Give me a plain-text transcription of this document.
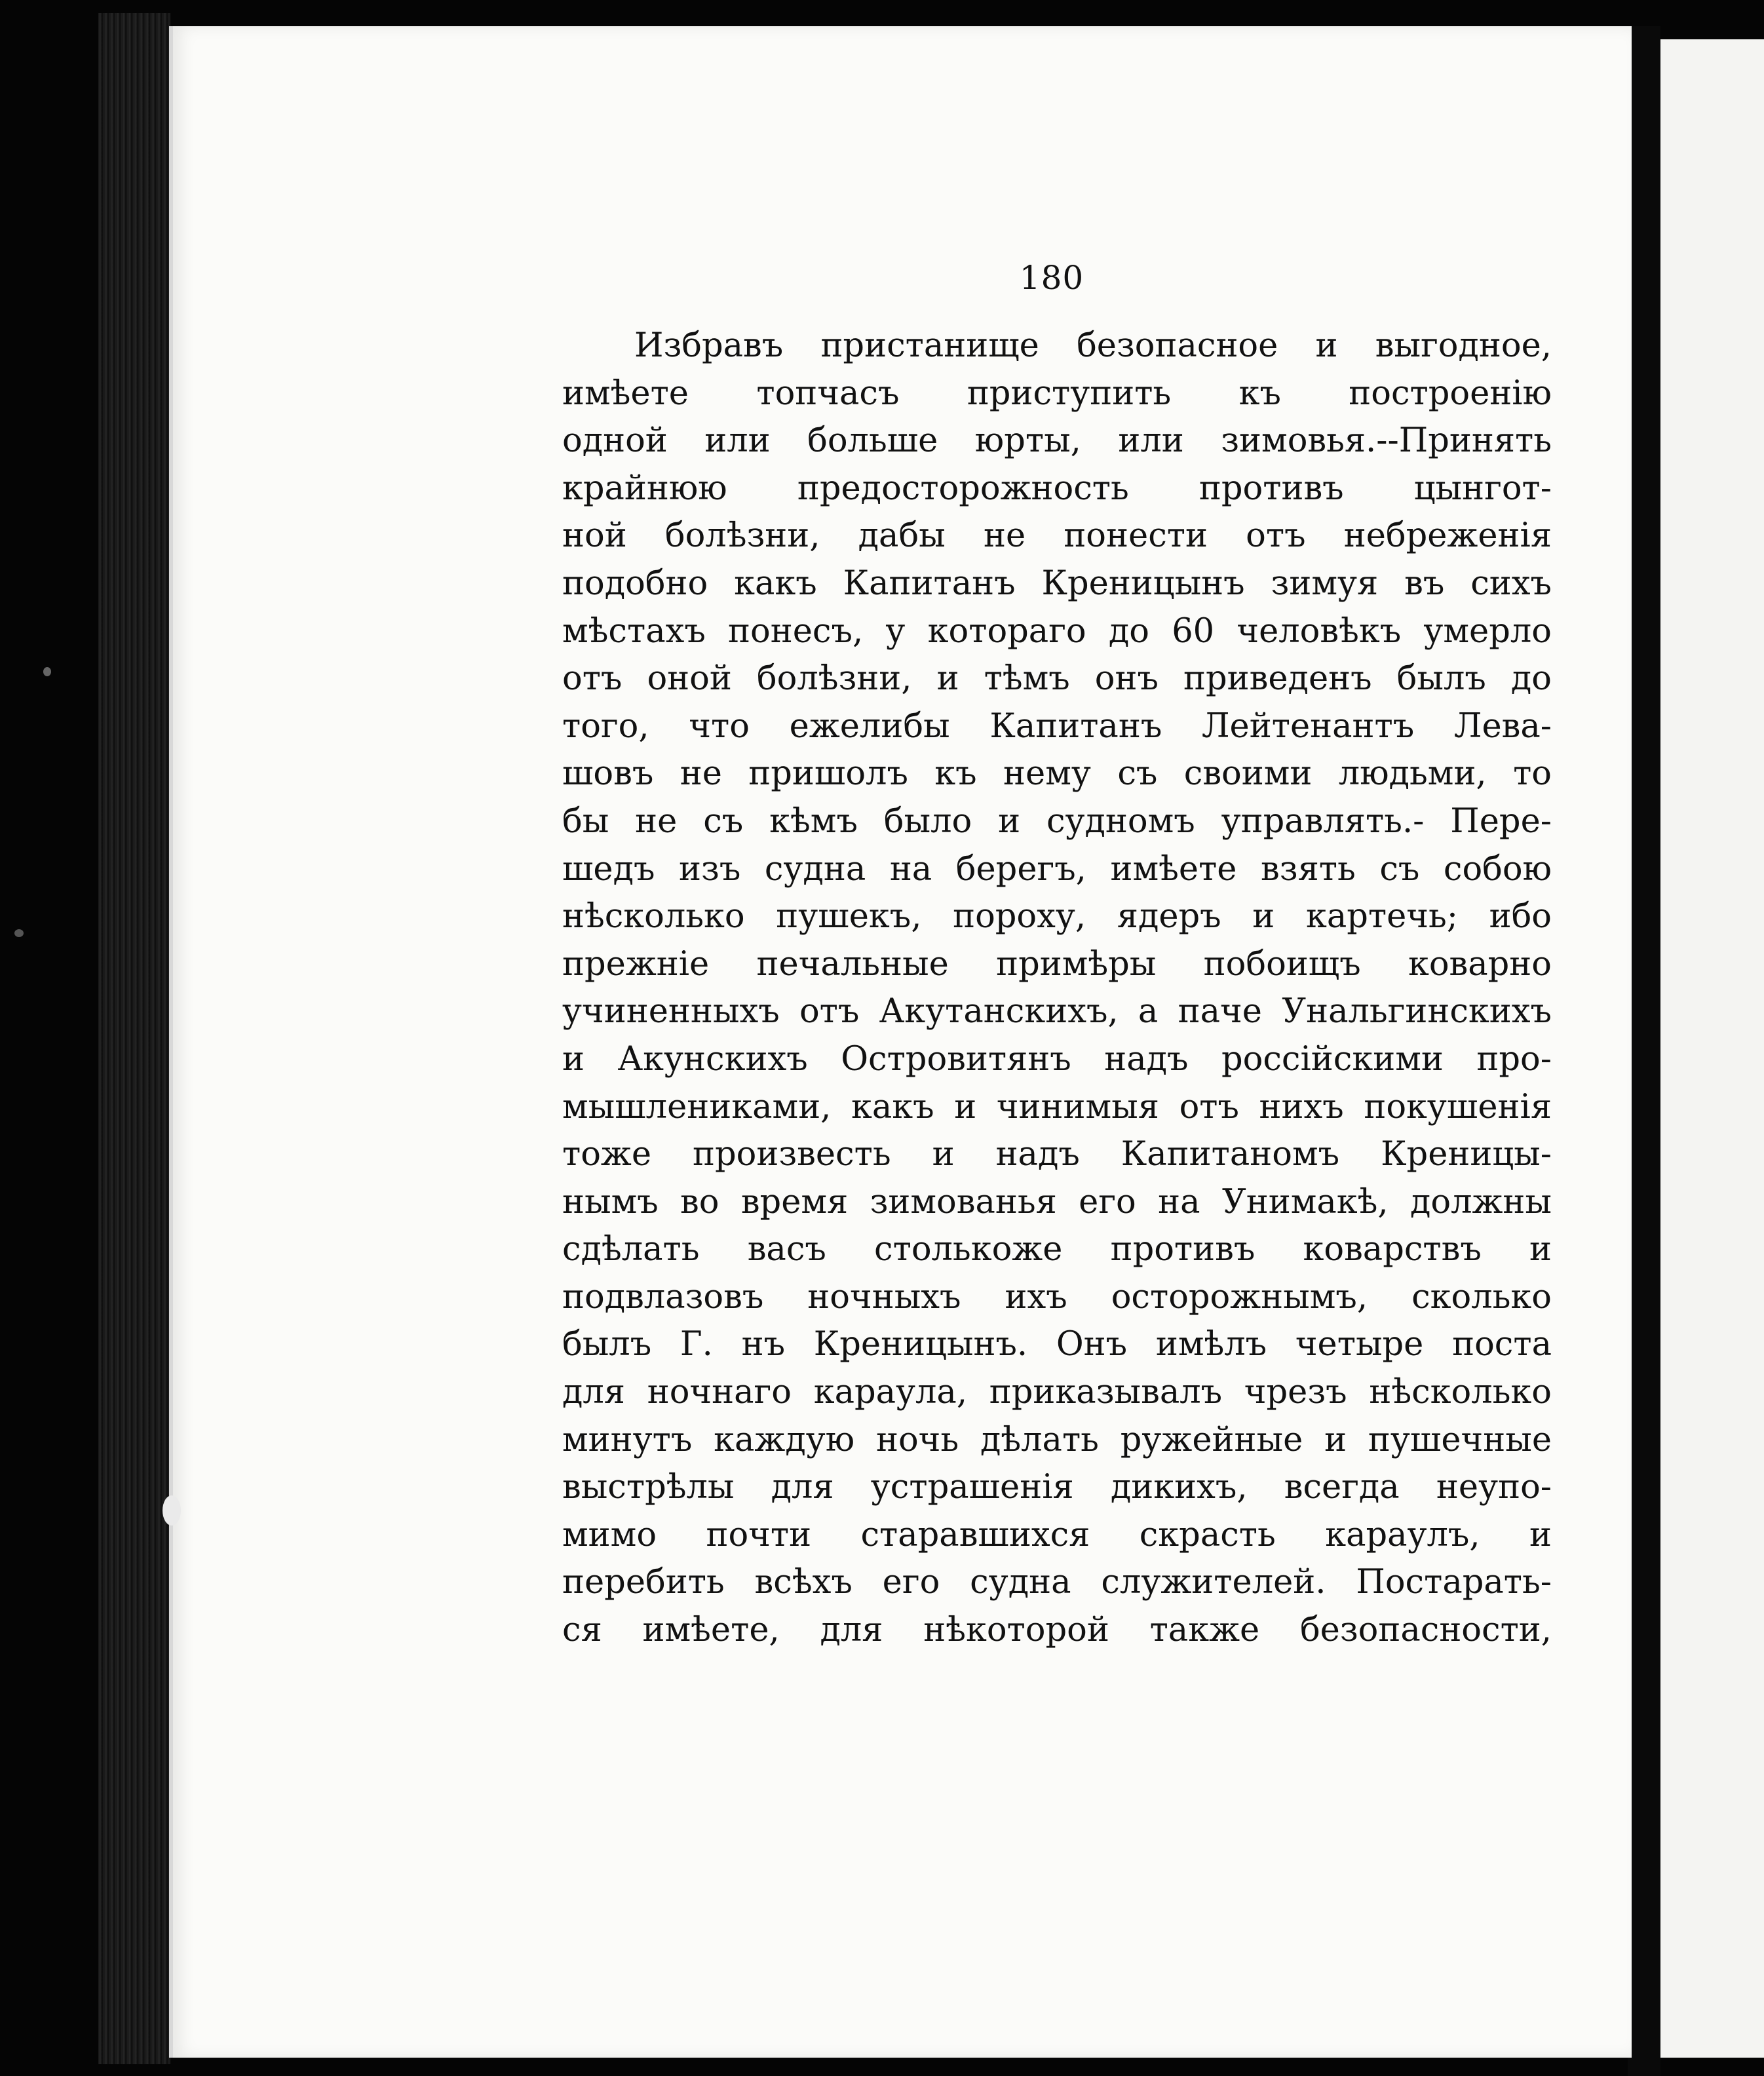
180
Избравъ пристанище безопасное и выгодное,
имѣете топчасъ приступить къ построенію
одной или больше юрты, или зимовья.--Принять
крайнюю предосторожность противъ цынгот-
ной болѣзни, дабы не понести отъ небреженія
подобно какъ Капитанъ Креницынъ зимуя въ сихъ
мѣстахъ понесъ, у котораго до 60 человѣкъ умерло
отъ оной болѣзни, и тѣмъ онъ приведенъ былъ до
того, что ежелибы Капитанъ Лейтенантъ Лева-
шовъ не пришолъ къ нему съ своими людьми, то
бы не съ кѣмъ было и судномъ управлять.- Пере-
шедъ изъ судна на берегъ, имѣете взять съ собою
нѣсколько пушекъ, пороху, ядеръ и картечь; ибо
прежніе печальные примѣры побоищъ коварно
учиненныхъ отъ Акутанскихъ, а паче Унальгинскихъ
и Акунскихъ Островитянъ надъ россійскими про-
мышлениками, какъ и чинимыя отъ нихъ покушенія
тоже произвесть и надъ Капитаномъ Креницы-
нымъ во время зимованья его на Унимакѣ, должны
сдѣлать васъ столькоже противъ коварствъ и
подвлазовъ ночныхъ ихъ осторожнымъ, сколько
былъ Г. нъ Креницынъ. Онъ имѣлъ четыре поста
для ночнаго караула, приказывалъ чрезъ нѣсколько
минутъ каждую ночь дѣлать ружейные и пушечные
выстрѣлы для устрашенія дикихъ, всегда неупо-
мимо почти старавшихся скрасть караулъ, и
перебить всѣхъ его судна служителей. Постарать-
ся имѣете, для нѣкоторой также безопасности,
